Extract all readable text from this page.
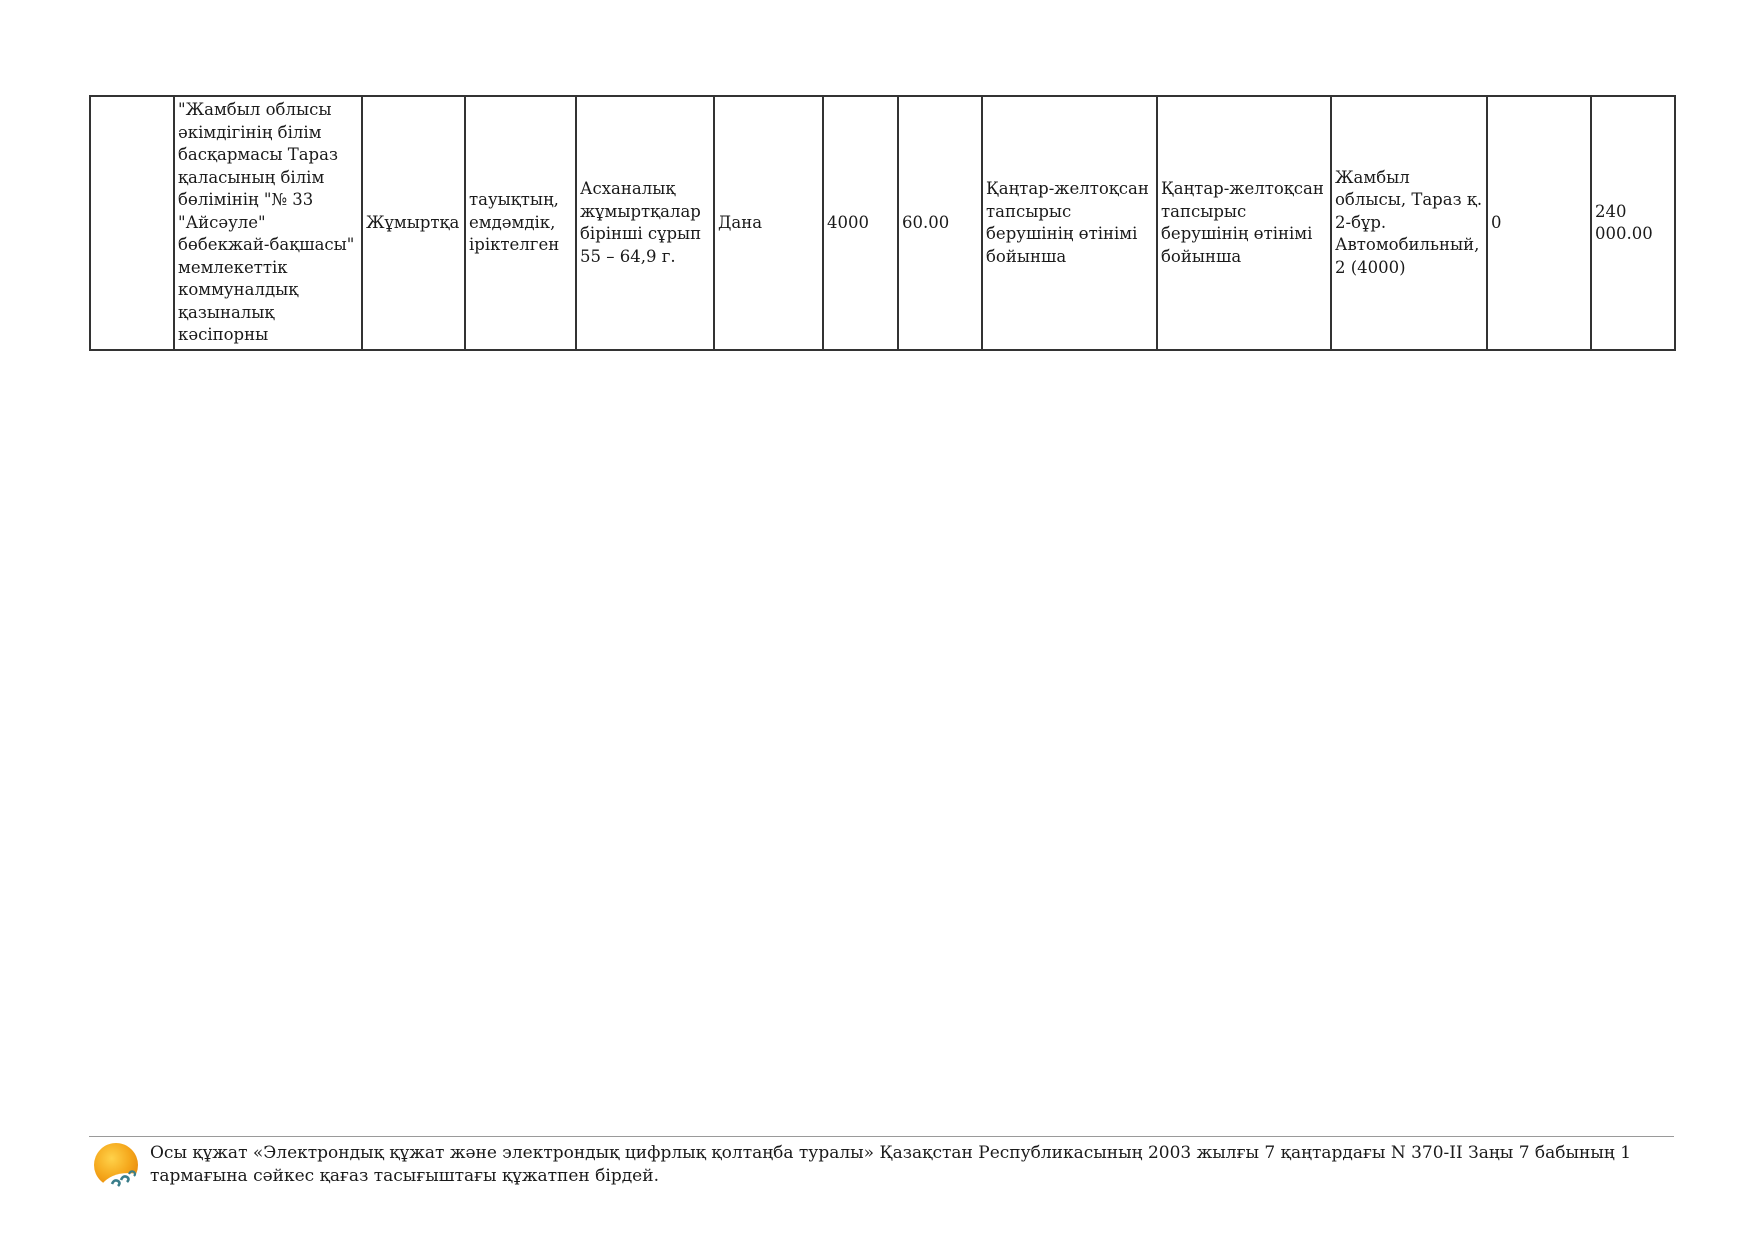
	"Жамбыл облысы әкімдігінің білім басқармасы Тараз қаласының білім бөлімінің "№ 33 "Айсәуле" бөбекжай-бақшасы" мемлекеттік коммуналдық қазыналық кәсіпорны	Жұмыртқа	тауықтың, емдәмдік, іріктелген	Асханалық жұмыртқалар бірінші сұрып 55 – 64,9 г.	Дана	4000	60.00	Қаңтар-желтоқсан тапсырыс берушінің өтінімі бойынша	Қаңтар-желтоқсан тапсырыс берушінің өтінімі бойынша	Жамбыл облысы, Тараз қ. 2-бұр. Автомобильный, 2 (4000)	0	240 000.00
Осы құжат «Электрондық құжат және электрондық цифрлық қолтаңба туралы» Қазақстан Республикасының 2003 жылғы 7 қаңтардағы N 370-II Заңы 7 бабының 1 тармағына сәйкес қағаз тасығыштағы құжатпен бірдей.
